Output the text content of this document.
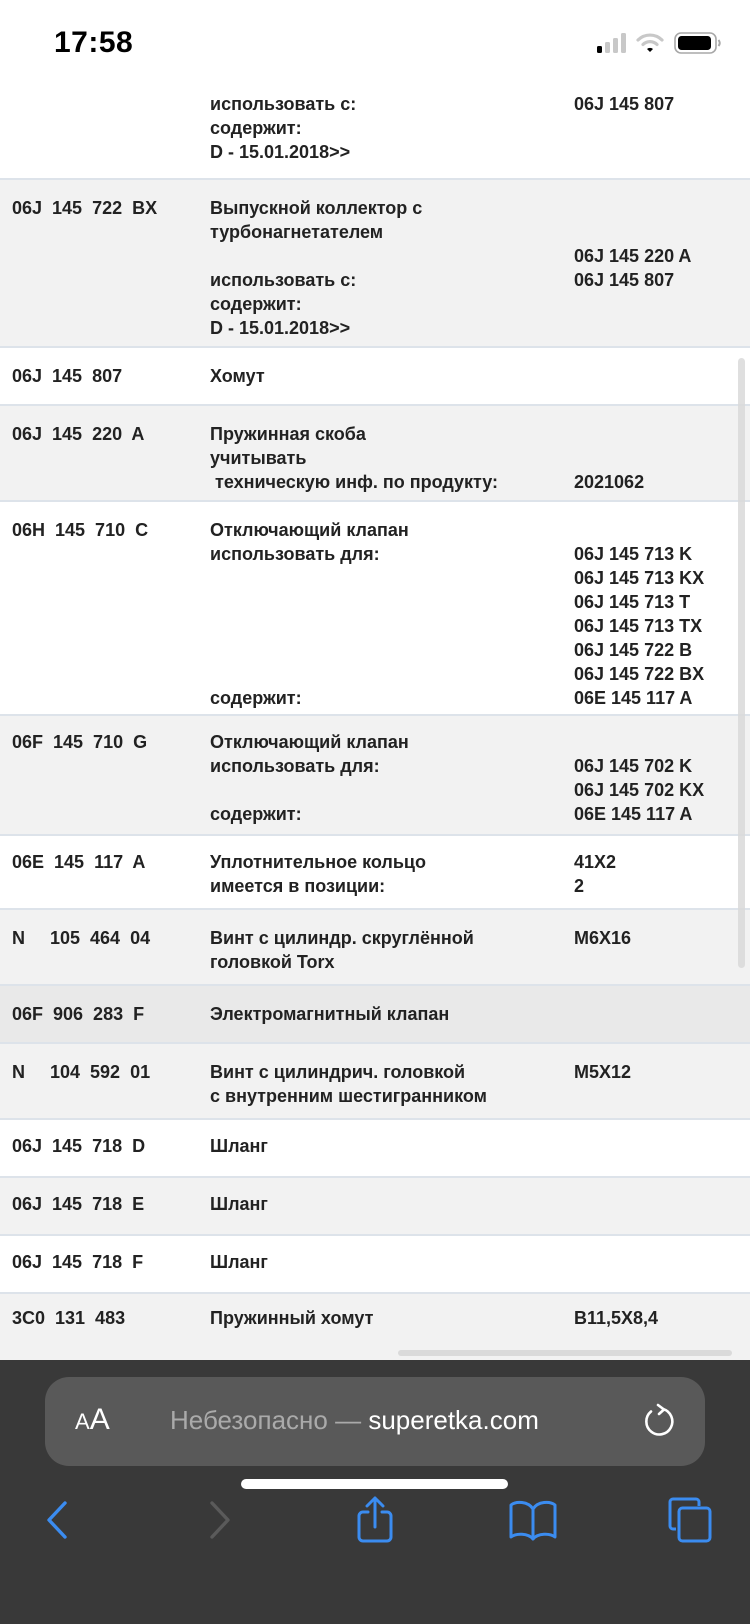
17:58
использовать с:	06J 145 807
содержит:
D - 15.01.2018>>
06J  145  722  BX	Выпускной коллектор с
турбонагнетателем
06J 145 220 A
использовать с:	06J 145 807
содержит:
D - 15.01.2018>>
06J  145  807	Хомут
06J  145  220  A	Пружинная скоба
учитывать
техническую инф. по продукту:	2021062
06H  145  710  C	Отключающий клапан
использовать для:	06J 145 713 K
06J 145 713 KX
06J 145 713 T
06J 145 713 TX
06J 145 722 B
06J 145 722 BX
содержит:	06E 145 117 A
06F  145  710  G	Отключающий клапан
использовать для:	06J 145 702 K
06J 145 702 KX
содержит:	06E 145 117 A
06E  145  117  A	Уплотнительное кольцо	41X2
имеется в позиции:	2
N     105  464  04	Винт с цилиндр. скруглённой	M6X16
головкой Torx
06F  906  283  F	Электромагнитный клапан
N     104  592  01	Винт с цилиндрич. головкой	M5X12
с внутренним шестигранником
06J  145  718  D	Шланг
06J  145  718  E	Шланг
06J  145  718  F	Шланг
3C0  131  483	Пружинный хомут	B11,5X8,4
A A Небезопасно — superetka.com
